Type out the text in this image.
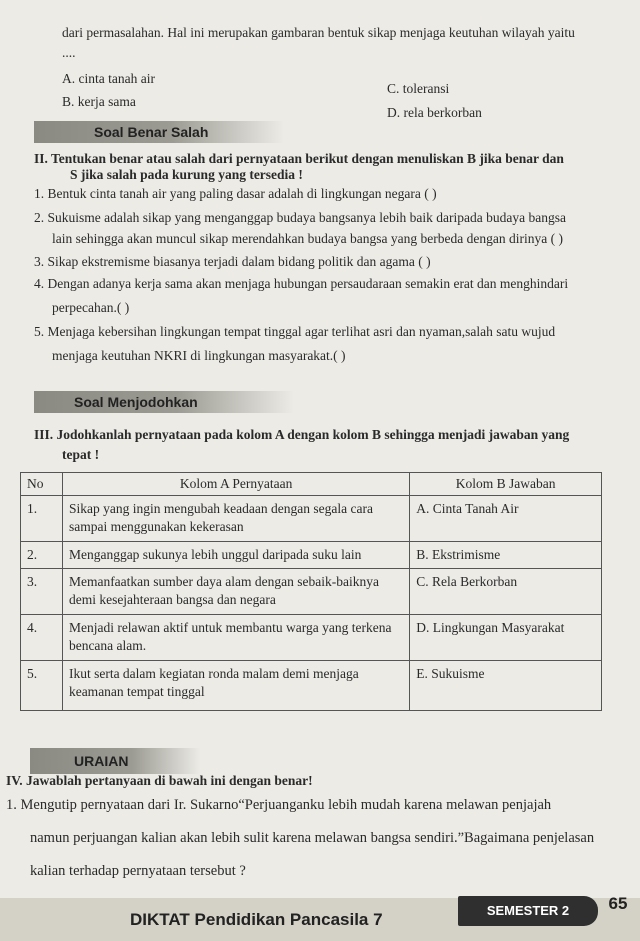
dari permasalahan. Hal ini merupakan gambaran bentuk sikap menjaga keutuhan wilayah yaitu
....
A. cinta tanah air
C. toleransi
B. kerja sama
D. rela berkorban
Soal Benar Salah
II. Tentukan benar atau salah dari pernyataan berikut dengan menuliskan B jika benar dan
S jika salah pada kurung yang tersedia !
1. Bentuk cinta tanah air yang paling dasar adalah di lingkungan negara ( )
2. Sukuisme adalah sikap yang menganggap budaya bangsanya lebih baik daripada budaya bangsa
lain sehingga akan muncul sikap merendahkan budaya bangsa yang berbeda dengan dirinya ( )
3. Sikap ekstremisme biasanya terjadi dalam bidang politik dan agama ( )
4. Dengan adanya kerja sama akan menjaga hubungan persaudaraan semakin erat dan menghindari
perpecahan.( )
5. Menjaga kebersihan lingkungan tempat tinggal agar terlihat asri dan nyaman,salah satu wujud
menjaga keutuhan NKRI di lingkungan masyarakat.( )
Soal Menjodohkan
III. Jodohkanlah pernyataan pada kolom A dengan kolom B sehingga menjadi jawaban yang
tepat !
No	Kolom A Pernyataan	Kolom B Jawaban
1.	Sikap yang ingin mengubah keadaan dengan segala cara sampai menggunakan kekerasan	A. Cinta Tanah Air
2.	Menganggap sukunya lebih unggul daripada suku lain	B. Ekstrimisme
3.	Memanfaatkan sumber daya alam dengan sebaik-baiknya demi kesejahteraan bangsa dan negara	C. Rela Berkorban
4.	Menjadi relawan aktif untuk membantu warga yang terkena bencana alam.	D. Lingkungan Masyarakat
5.	Ikut serta dalam kegiatan ronda malam demi menjaga keamanan tempat tinggal	E. Sukuisme
URAIAN
IV. Jawablah pertanyaan di bawah ini dengan benar!
1. Mengutip pernyataan dari Ir. Sukarno“Perjuanganku lebih mudah karena melawan penjajah
namun perjuangan kalian akan lebih sulit karena melawan bangsa sendiri.”Bagaimana penjelasan
kalian terhadap pernyataan tersebut ?
DIKTAT Pendidikan Pancasila 7	SEMESTER 2	65
